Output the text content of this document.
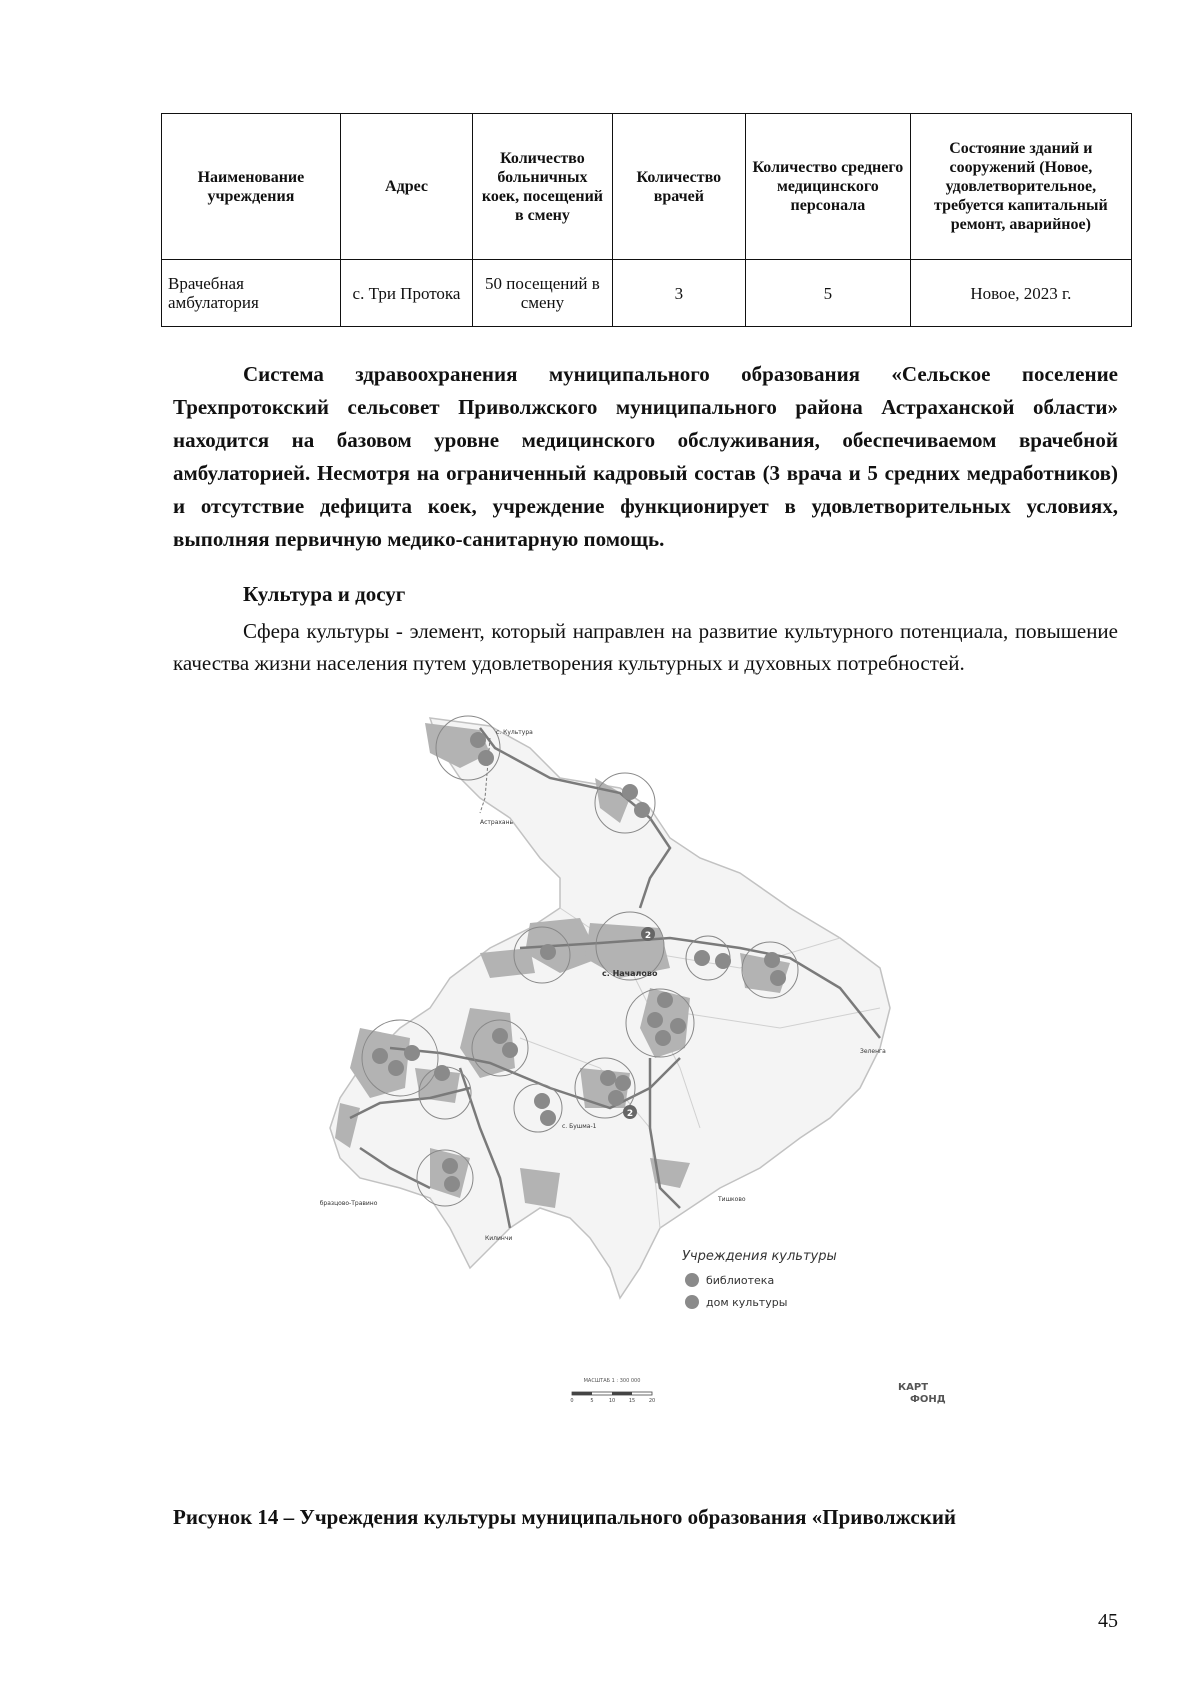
Наименование учреждения	Адрес	Количество больничных коек, посещений в смену	Количество врачей	Количество среднего медицинского персонала	Состояние зданий и сооружений (Новое, удовлетворительное, требуется капитальный ремонт, аварийное)
Врачебная амбулатория	с. Три Протока	50 посещений в смену	3	5	Новое, 2023 г.

Система здравоохранения муниципального образования «Сельское поселение Трехпротокский сельсовет Приволжского муниципального района Астраханской области» находится на базовом уровне медицинского обслуживания, обеспечиваемом врачебной амбулаторией. Несмотря на ограниченный кадровый состав (3 врача и 5 средних медработников) и отсутствие дефицита коек, учреждение функционирует в удовлетворительных условиях, выполняя первичную медико-санитарную помощь.

Культура и досуг

Сфера культуры - элемент, который направлен на развитие культурного потенциала, повышение качества жизни населения путем удовлетворения культурных и духовных потребностей.

2
2
с. Культура
Астрахань
с. Началово
Зеленга
Тишково
Образцово-Травино
Килинчи
с. Бушма-1
Учреждения культуры
библиотека
дом культуры
МАСШТАБ 1 : 300 000
0	5	10	15	20
КАРТ
ФОНД

Рисунок 14 – Учреждения культуры муниципального образования «Приволжский

45
